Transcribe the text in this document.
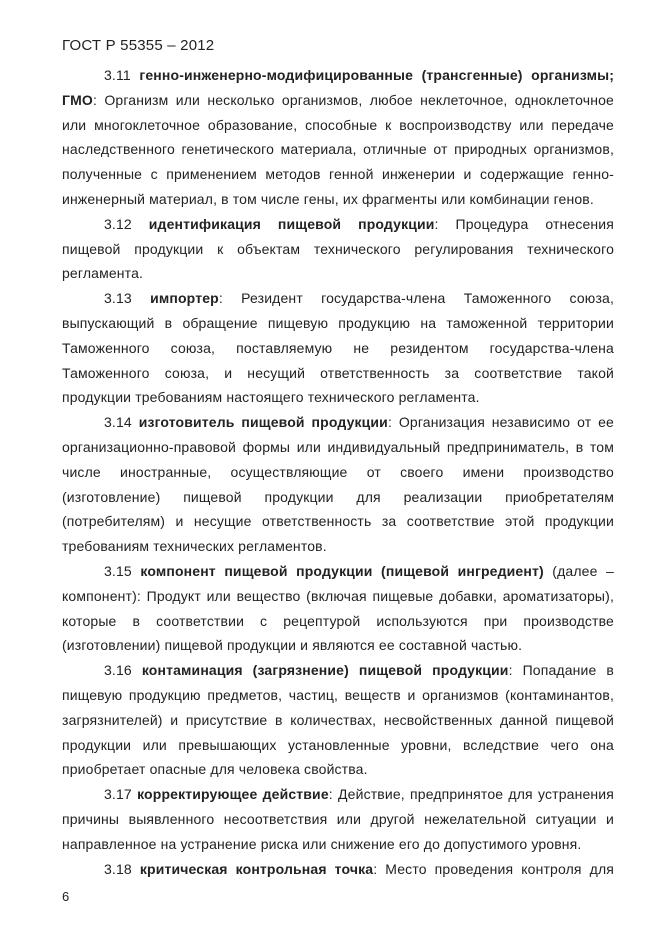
ГОСТ Р 55355 – 2012
3.11 генно-инженерно-модифицированные (трансгенные) организмы;
ГМО: Организм или несколько организмов, любое неклеточное, одноклеточное
или многоклеточное образование, способные к воспроизводству или передаче
наследственного генетического материала, отличные от природных организмов,
полученные с применением методов генной инженерии и содержащие генно-
инженерный материал, в том числе гены, их фрагменты или комбинации генов.
3.12 идентификация пищевой продукции: Процедура отнесения
пищевой продукции к объектам технического регулирования технического
регламента.
3.13 импортер: Резидент государства-члена Таможенного союза,
выпускающий в обращение пищевую продукцию на таможенной территории
Таможенного союза, поставляемую не резидентом государства-члена
Таможенного союза, и несущий ответственность за соответствие такой
продукции требованиям настоящего технического регламента.
3.14 изготовитель пищевой продукции: Организация независимо от ее
организационно-правовой формы или индивидуальный предприниматель, в том
числе иностранные, осуществляющие от своего имени производство
(изготовление) пищевой продукции для реализации приобретателям
(потребителям) и несущие ответственность за соответствие этой продукции
требованиям технических регламентов.
3.15 компонент пищевой продукции (пищевой ингредиент) (далее –
компонент): Продукт или вещество (включая пищевые добавки, ароматизаторы),
которые в соответствии с рецептурой используются при производстве
(изготовлении) пищевой продукции и являются ее составной частью.
3.16 контаминация (загрязнение) пищевой продукции: Попадание в
пищевую продукцию предметов, частиц, веществ и организмов (контаминантов,
загрязнителей) и присутствие в количествах, несвойственных данной пищевой
продукции или превышающих установленные уровни, вследствие чего она
приобретает опасные для человека свойства.
3.17 корректирующее действие: Действие, предпринятое для устранения
причины выявленного несоответствия или другой нежелательной ситуации и
направленное на устранение риска или снижение его до допустимого уровня.
3.18 критическая контрольная точка: Место проведения контроля для
6
